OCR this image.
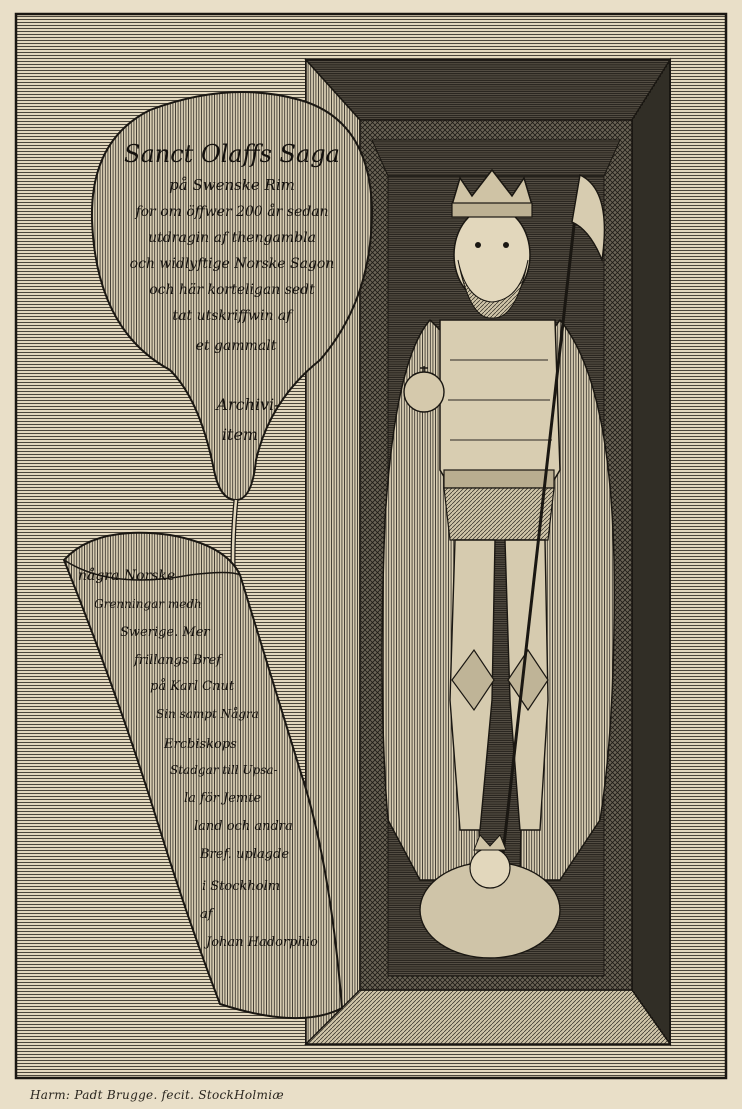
Sanct Olaffs Saga
på Swenske Rim
for om öffwer 200 år sedan
utdragin af thengambla
och widlyftige Norske Sagon
och här korteligan sedt
tat utskriffwin af
et gammalt
Archivi-
item
några Norske
Grenningar medh
Swerige. Mer
frillangs Bref
på Karl Cnut
Sin sampt Några
Ercbiskops
Stadgar till Upsa-
la för Jemte
land och andra
Bref. uplagde
i Stockholm
af
Johan Hadorphio
Harm: Padt Brugge. fecit. StockHolmiæ
